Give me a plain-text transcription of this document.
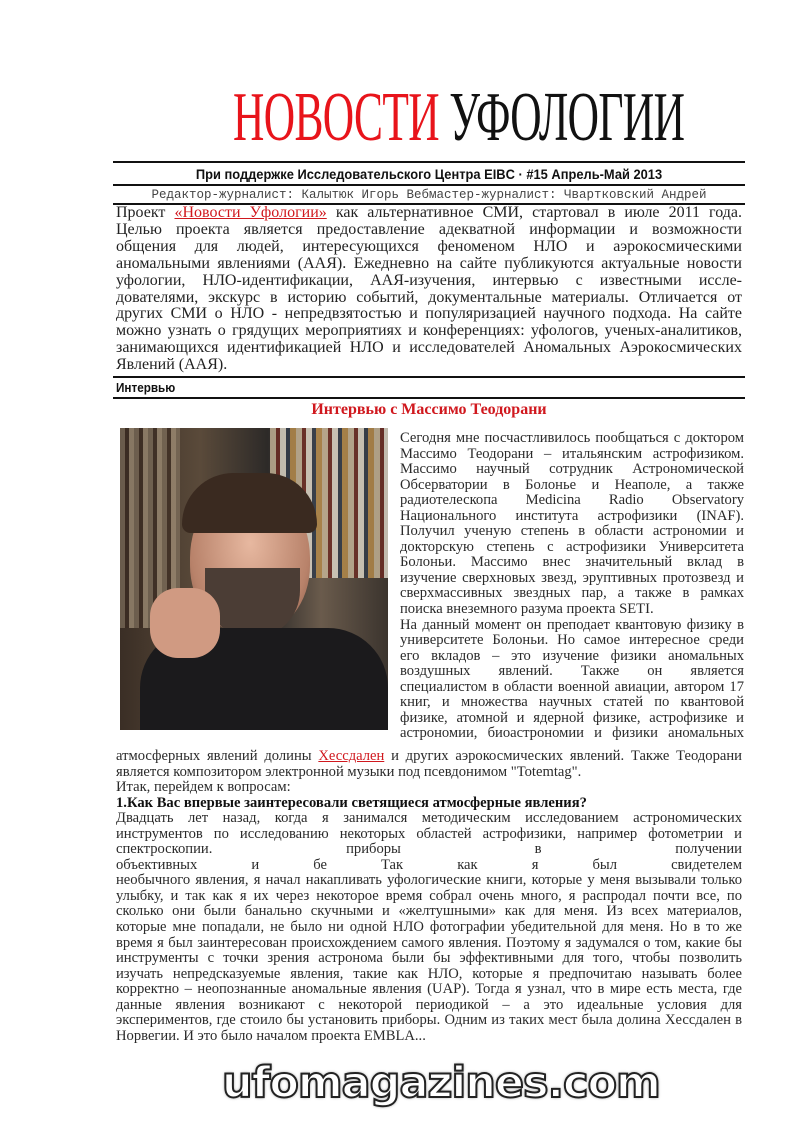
НОВОСТИ УФОЛОГИИ
При поддержке Исследовательского Центра EIBC · #15 Апрель-Май 2013
Редактор-журналист: Калытюк Игорь Вебмастер-журналист: Чвартковский Андрей
Проект «Новости Уфологии» как альтернативное СМИ, стартовал в июле 2011 года.
Целью проекта является предоставление адекватной информации и возможности
общения для людей, интересующихся феноменом НЛО и аэрокосмическими
аномальными явлениями (ААЯ). Ежедневно на сайте публикуются актуальные новости
уфологии, НЛО-идентификации, ААЯ-изучения, интервью с известными иссле-
дователями, экскурс в историю событий, документальные материалы. Отличается от
других СМИ о НЛО - непредвзятостью и популяризацией научного подхода. На сайте
можно узнать о грядущих мероприятиях и конференциях: уфологов, ученых-аналитиков,
занимающихся идентификацией НЛО и исследователей Аномальных Аэрокосмических
Явлений (ААЯ).
Интервью
Интервью с Массимо Теодорани
Сегодня мне посчастливилось пообщаться с доктором
Массимо Теодорани – итальянским астрофизиком.
Массимо научный сотрудник Астрономической
Обсерватории в Болонье и Неаполе, а также
радиотелескопа Medicina Radio Observatory
Национального института астрофизики (INAF).
Получил ученую степень в области астрономии и
докторскую степень с астрофизики Университета
Болоньи. Массимо внес значительный вклад в
изучение сверхновых звезд, эруптивных протозвезд и
сверхмассивных звездных пар, а также в рамках
поиска внеземного разума проекта SETI.
На данный момент он преподает квантовую физику в
университете Болоньи. Но самое интересное среди
его вкладов – это изучение физики аномальных
воздушных явлений. Также он является
специалистом в области военной авиации, автором 17
книг, и множества научных статей по квантовой
физике, атомной и ядерной физике, астрофизике и
астрономии, биоастрономии и физики аномальных
атмосферных явлений долины Хесcдален и других аэрокосмических явлений. Также Теодорани
является композитором электронной музыки под псевдонимом "Totemtag".
Итак, перейдем к вопросам:
1.Как Вас впервые заинтересовали светящиеся атмосферные явления?
Двадцать лет назад, когда я занимался методическим исследованием астрономических
инструментов по исследованию некоторых областей астрофизики, например фотометрии и
спектроскопии. приборы в получении
объективных и бе Так как я был свидетелем
необычного явления, я начал накапливать уфологические книги, которые у меня вызывали только
улыбку, и так как я их через некоторое время собрал очень много, я распродал почти все, по
сколько они были банально скучными и «желтушными» как для меня. Из всех материалов,
которые мне попадали, не было ни одной НЛО фотографии убедительной для меня. Но в то же
время я был заинтересован происхождением самого явления. Поэтому я задумался о том, какие бы
инструменты с точки зрения астронома были бы эффективными для того, чтобы позволить
изучать непредсказуемые явления, такие как НЛО, которые я предпочитаю называть более
корректно – неопознанные аномальные явления (UAP). Тогда я узнал, что в мире есть места, где
данные явления возникают с некоторой периодикой – а это идеальные условия для
экспериментов, где стоило бы установить приборы. Одним из таких мест была долина Хессдален в
Норвегии. И это было началом проекта EMBLA...
ufomagazines.com
